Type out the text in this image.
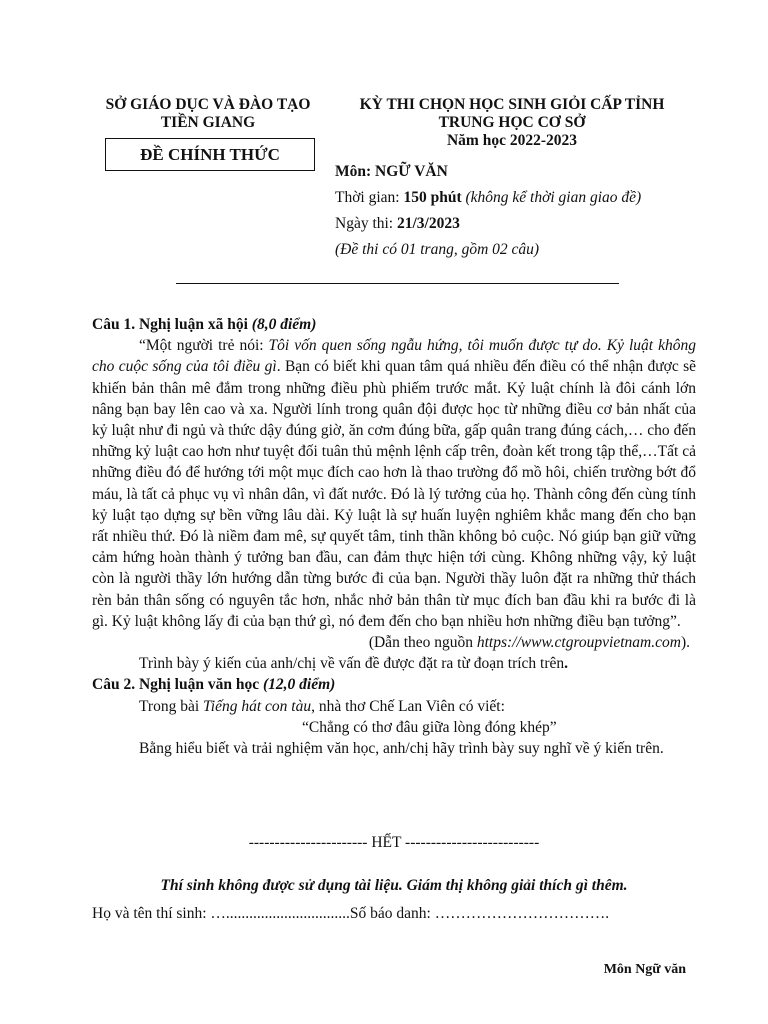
SỞ GIÁO DỤC VÀ ĐÀO TẠO
TIỀN GIANG
ĐỀ CHÍNH THỨC
KỲ THI CHỌN HỌC SINH GIỎI CẤP TỈNH
TRUNG HỌC CƠ SỞ
Năm học 2022-2023
Môn: NGỮ VĂN
Thời gian: 150 phút (không kể thời gian giao đề)
Ngày thi: 21/3/2023
(Đề thi có 01 trang, gồm 02 câu)

Câu 1. Nghị luận xã hội (8,0 điểm)

“Một người trẻ nói: Tôi vốn quen sống ngẫu hứng, tôi muốn được tự do. Kỷ luật không cho cuộc sống của tôi điều gì. Bạn có biết khi quan tâm quá nhiều đến điều có thể nhận được sẽ khiến bản thân mê đắm trong những điều phù phiếm trước mắt. Kỷ luật chính là đôi cánh lớn nâng bạn bay lên cao và xa. Người lính trong quân đội được học từ những điều cơ bản nhất của kỷ luật như đi ngủ và thức dậy đúng giờ, ăn cơm đúng bữa, gấp quân trang đúng cách,… cho đến những kỷ luật cao hơn như tuyệt đối tuân thủ mệnh lệnh cấp trên, đoàn kết trong tập thể,…Tất cả những điều đó để hướng tới một mục đích cao hơn là thao trường đổ mồ hôi, chiến trường bớt đổ máu, là tất cả phục vụ vì nhân dân, vì đất nước. Đó là lý tưởng của họ. Thành công đến cùng tính kỷ luật tạo dựng sự bền vững lâu dài. Kỷ luật là sự huấn luyện nghiêm khắc mang đến cho bạn rất nhiều thứ. Đó là niềm đam mê, sự quyết tâm, tinh thần không bỏ cuộc. Nó giúp bạn giữ vững cảm hứng hoàn thành ý tưởng ban đầu, can đảm thực hiện tới cùng. Không những vậy, kỷ luật còn là người thầy lớn hướng dẫn từng bước đi của bạn. Người thầy luôn đặt ra những thử thách rèn bản thân sống có nguyên tắc hơn, nhắc nhở bản thân từ mục đích ban đầu khi ra bước đi là gì. Kỷ luật không lấy đi của bạn thứ gì, nó đem đến cho bạn nhiều hơn những điều bạn tưởng”.

(Dẫn theo nguồn https://www.ctgroupvietnam.com).

Trình bày ý kiến của anh/chị về vấn đề được đặt ra từ đoạn trích trên.

Câu 2. Nghị luận văn học (12,0 điểm)

Trong bài Tiếng hát con tàu, nhà thơ Chế Lan Viên có viết:

“Chẳng có thơ đâu giữa lòng đóng khép”

Bằng hiểu biết và trải nghiệm văn học, anh/chị hãy trình bày suy nghĩ về ý kiến trên.

----------------------- HẾT --------------------------
Thí sinh không được sử dụng tài liệu. Giám thị không giải thích gì thêm.
Họ và tên thí sinh: …................................Số báo danh: …………………………….
Môn Ngữ văn
